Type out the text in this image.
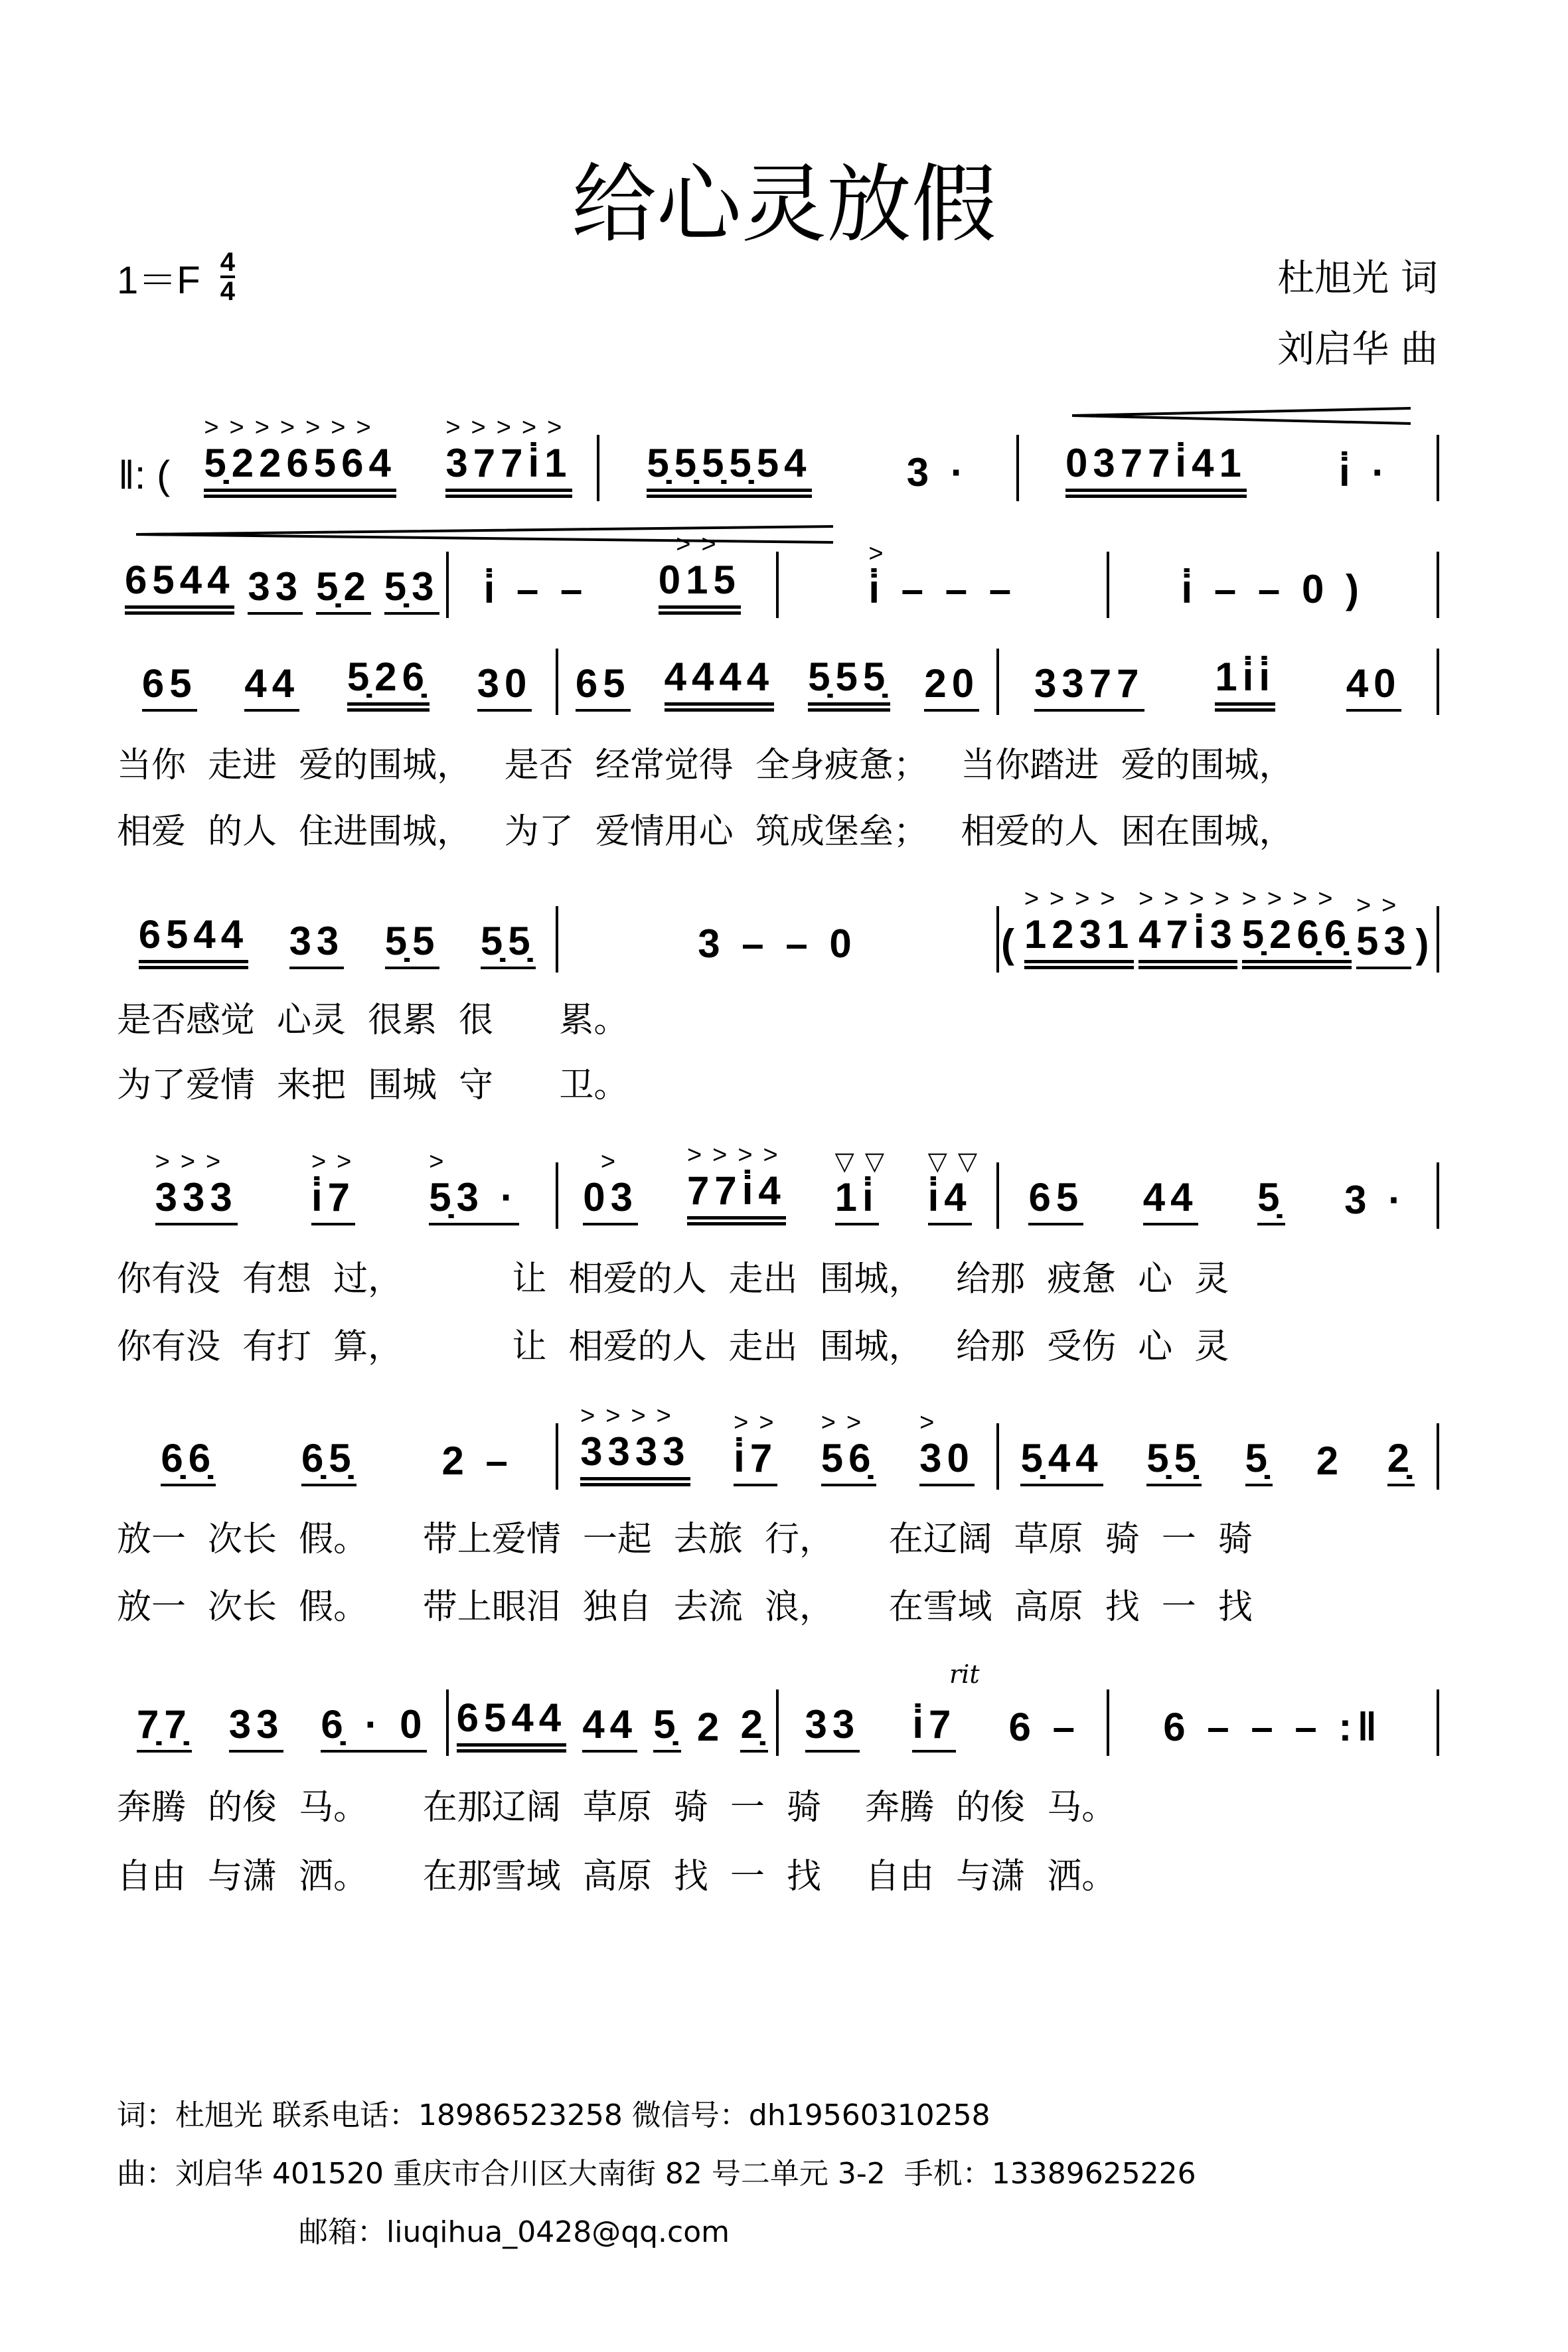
给心灵放假
$1=F \frac{4}{4}$	杜旭光 词
刘启华 曲
‖: ( 5̣226564
>>>>>>>
377i̇1
>>>>>
5̣5̣5̣5̣54 3 · 0377i̇41 i̇ ·
6544 33 5̣2 5̣3 i̇ – – 015
>>
i̇ – – –
>
i̇ – – 0 )
65 44 5̣26̣ 30 65 4444 5̣55̣ 20 3377 1i̇i̇ 40
6544 33 5̣5 5̣5̣	3 – – 0	( 1231
>>>>
47i̇3
>>>>
5̣26̣6̣
>>>>
53
>>
)
333
>>>
i̇7
>>
5̣3 ·
>
03
>
77i̇4
>>>>
1i̇
▽▽
i̇4
▽▽
65 44 5̣ 3 ·
6̣6̣ 6̣5̣ 2 – 3333
>>>>
i̇7
>>
56̣
>>
30
>
5̣44 5̣5̣ 5̣ 2 2̣
7̣7̣ 33 6̣ · 0 6544 44 5̣ 2 2̣ 33 i̇7 6 – 6 – – – :‖
rit
当你  走进  爱的围城，   是否  经常觉得  全身疲惫；   当你踏进  爱的围城，
相爱  的人  住进围城，   为了  爱情用心  筑成堡垒；   相爱的人  困在围城，
是否感觉  心灵  很累  很      累。
为了爱情  来把  围城  守      卫。
你有没  有想  过，          让  相爱的人  走出  围城，   给那  疲惫  心  灵
你有没  有打  算，          让  相爱的人  走出  围城，   给那  受伤  心  灵
放一  次长  假。     带上爱情  一起  去旅  行，     在辽阔  草原  骑  一  骑
放一  次长  假。     带上眼泪  独自  去流  浪，     在雪域  高原  找  一  找
奔腾  的俊  马。     在那辽阔  草原  骑  一  骑    奔腾  的俊  马。
自由  与潇  洒。     在那雪域  高原  找  一  找    自由  与潇  洒。
词：杜旭光 联系电话：18986523258 微信号：dh19560310258
曲：刘启华 401520 重庆市合川区大南街 82 号二单元 3-2  手机：13389625226
邮箱：liuqihua_0428@qq.com
